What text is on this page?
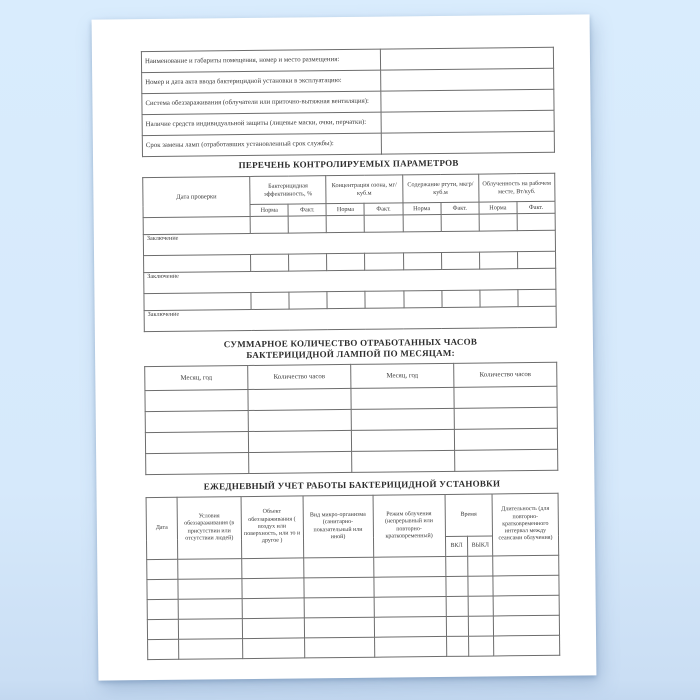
Наименование и габариты помещения, номер и место размещения:	
Номер и дата акта ввода бактерицидной установки в эксплуатацию:	
Система обеззараживания (облучатели или приточно-вытяжная вентиляция):	
Наличие средств индивидуальной защиты (лицевые маски, очки, перчатки):	
Срок замены ламп (отработавших установленный срок службы):	
ПЕРЕЧЕНЬ КОНТРОЛИРУЕМЫХ ПАРАМЕТРОВ
Дата проверки	Бактерицидная эффективность, %		Концентрация озона, мг/ куб.м		Содержание ртути, мкгр/ куб.м		Облученность на рабочем месте, Вт/куб.	
	Норма	Факт.	Норма	Факт.	Норма	Факт.	Норма	Факт.

Заключение								

Заключение								

Заключение								
СУММАРНОЕ КОЛИЧЕСТВО ОТРАБОТАННЫХ ЧАСОВ
БАКТЕРИЦИДНОЙ ЛАМПОЙ ПО МЕСЯЦАМ:
Месяц, год	Количество часов	Месяц, год	Количество часов

ЕЖЕДНЕВНЫЙ УЧЕТ РАБОТЫ БАКТЕРИЦИДНОЙ УСТАНОВКИ
Дата	Условия обеззараживания (в присутствии или отсутствии людей)	Объект обеззараживания ( воздух или поверхность, или то и другое )	Вид микро-организма (санитарно-показательный или иной)	Режим облучения (непрерывный или повторно-кратковременный)	Время		Длительность (для повторно-кратковременного интервал между сеансами облучения)
					ВКЛ	ВЫКЛ	
